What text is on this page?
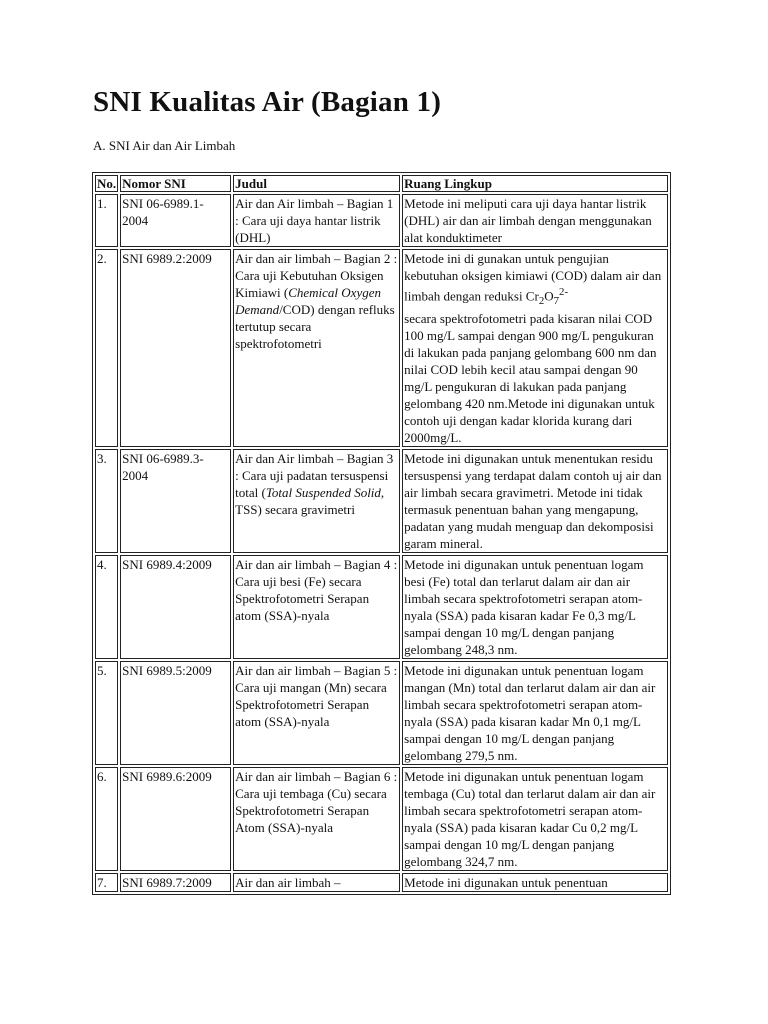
SNI Kualitas Air (Bagian 1)

A. SNI Air dan Air Limbah

No.	Nomor SNI	Judul	Ruang Lingkup
1.	SNI 06-6989.1-2004	Air dan Air limbah – Bagian 1 : Cara uji daya hantar listrik (DHL)	Metode ini meliputi cara uji daya hantar listrik (DHL) air dan air limbah dengan menggunakan alat konduktimeter
2.	SNI 6989.2:2009	Air dan air limbah – Bagian 2 : Cara uji Kebutuhan Oksigen Kimiawi (Chemical Oxygen Demand/COD) dengan refluks tertutup secara spektrofotometri	Metode ini di gunakan untuk pengujian kebutuhan oksigen kimiawi (COD) dalam air dan limbah dengan reduksi $Cr_2O_7^{2-}$
secara spektrofotometri pada kisaran nilai COD 100 mg/L sampai dengan 900 mg/L pengukuran di lakukan pada panjang gelombang 600 nm dan nilai COD lebih kecil atau sampai dengan 90 mg/L pengukuran di lakukan pada panjang gelombang 420 nm.Metode ini digunakan untuk contoh uji dengan kadar klorida kurang dari 2000mg/L.
3.	SNI 06-6989.3-2004	Air dan Air limbah – Bagian 3 : Cara uji padatan tersuspensi total (Total Suspended Solid, TSS) secara gravimetri	Metode ini digunakan untuk menentukan residu tersuspensi yang terdapat dalam contoh uj air dan air limbah secara gravimetri. Metode ini tidak termasuk penentuan bahan yang mengapung, padatan yang mudah menguap dan dekomposisi garam mineral.
4.	SNI 6989.4:2009	Air dan air limbah – Bagian 4 : Cara uji besi (Fe) secara Spektrofotometri Serapan atom (SSA)-nyala	Metode ini digunakan untuk penentuan logam besi (Fe) total dan terlarut dalam air dan air limbah secara spektrofotometri serapan atom-nyala (SSA) pada kisaran kadar Fe 0,3 mg/L sampai dengan 10 mg/L dengan panjang gelombang 248,3 nm.
5.	SNI 6989.5:2009	Air dan air limbah – Bagian 5 : Cara uji mangan (Mn) secara Spektrofotometri Serapan atom (SSA)-nyala	Metode ini digunakan untuk penentuan logam mangan (Mn) total dan terlarut dalam air dan air limbah secara spektrofotometri serapan atom-nyala (SSA) pada kisaran kadar Mn 0,1 mg/L sampai dengan 10 mg/L dengan panjang gelombang 279,5 nm.
6.	SNI 6989.6:2009	Air dan air limbah – Bagian 6 : Cara uji tembaga (Cu) secara Spektrofotometri Serapan Atom (SSA)-nyala	Metode ini digunakan untuk penentuan logam tembaga (Cu) total dan terlarut dalam air dan air limbah secara spektrofotometri serapan atom-nyala (SSA) pada kisaran kadar Cu 0,2 mg/L sampai dengan 10 mg/L dengan panjang gelombang 324,7 nm.
7.	SNI 6989.7:2009	Air dan air limbah –	Metode ini digunakan untuk penentuan
